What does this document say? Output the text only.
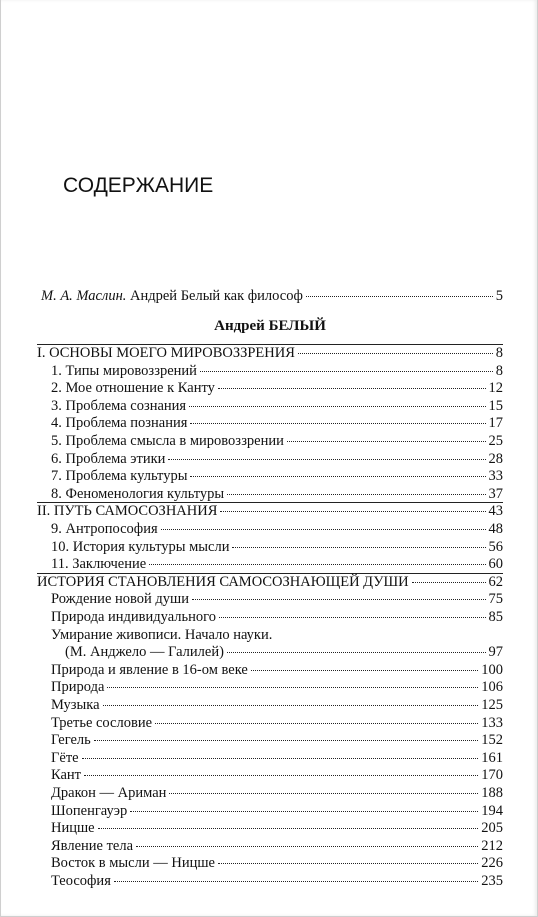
СОДЕРЖАНИЕ
М. А. Маслин. Андрей Белый как философ	5
Андрей БЕЛЫЙ
I. ОСНОВЫ МОЕГО МИРОВОЗЗРЕНИЯ	8
1. Типы мировоззрений	8
2. Мое отношение к Канту	12
3. Проблема сознания	15
4. Проблема познания	17
5. Проблема смысла в мировоззрении	25
6. Проблема этики	28
7. Проблема культуры	33
8. Феноменология культуры	37
II. ПУТЬ САМОСОЗНАНИЯ	43
9. Антропософия	48
10. История культуры мысли	56
11. Заключение	60
ИСТОРИЯ СТАНОВЛЕНИЯ САМОСОЗНАЮЩЕЙ ДУШИ	62
Рождение новой души	75
Природа индивидуального	85
Умирание живописи. Начало науки.
(М. Анджело — Галилей)	97
Природа и явление в 16-ом веке	100
Природа	106
Музыка	125
Третье сословие	133
Гегель	152
Гёте	161
Кант	170
Дракон — Ариман	188
Шопенгауэр	194
Ницше	205
Явление тела	212
Восток в мысли — Ницше	226
Теософия	235
